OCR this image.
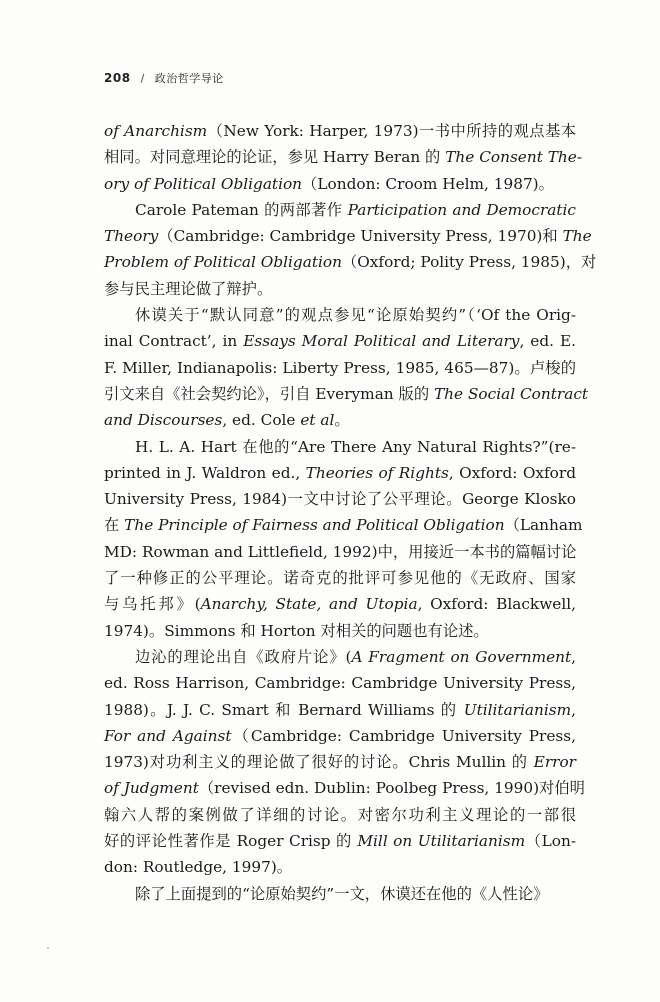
208 / 政治哲学导论
of Anarchism（New York: Harper, 1973)一书中所持的观点基本
相同。对同意理论的论证，参见 Harry Beran 的 The Consent The-
ory of Political Obligation（London: Croom Helm, 1987)。
Carole Pateman 的两部著作 Participation and Democratic
Theory（Cambridge: Cambridge University Press, 1970)和 The
Problem of Political Obligation（Oxford; Polity Press, 1985)，对
参与民主理论做了辩护。
休谟关于“默认同意”的观点参见“论原始契约”（‘Of the Orig-
inal Contract’, in Essays Moral Political and Literary, ed. E.
F. Miller, Indianapolis: Liberty Press, 1985, 465—87)。卢梭的
引文来自《社会契约论》，引自 Everyman 版的 The Social Contract
and Discourses, ed. Cole et al。
H. L. A. Hart 在他的“Are There Any Natural Rights?”(re-
printed in J. Waldron ed., Theories of Rights, Oxford: Oxford
University Press, 1984)一文中讨论了公平理论。George Klosko
在 The Principle of Fairness and Political Obligation（Lanham
MD: Rowman and Littlefield, 1992)中，用接近一本书的篇幅讨论
了一种修正的公平理论。诺奇克的批评可参见他的《无政府、国家
与乌托邦》(Anarchy, State, and Utopia, Oxford: Blackwell,
1974)。Simmons 和 Horton 对相关的问题也有论述。
边沁的理论出自《政府片论》(A Fragment on Government,
ed. Ross Harrison, Cambridge: Cambridge University Press,
1988)。J. J. C. Smart 和 Bernard Williams 的 Utilitarianism,
For and Against（Cambridge: Cambridge University Press,
1973)对功利主义的理论做了很好的讨论。Chris Mullin 的 Error
of Judgment（revised edn. Dublin: Poolbeg Press, 1990)对伯明
翰六人帮的案例做了详细的讨论。对密尔功利主义理论的一部很
好的评论性著作是 Roger Crisp 的 Mill on Utilitarianism（Lon-
don: Routledge, 1997)。
除了上面提到的“论原始契约”一文，休谟还在他的《人性论》
